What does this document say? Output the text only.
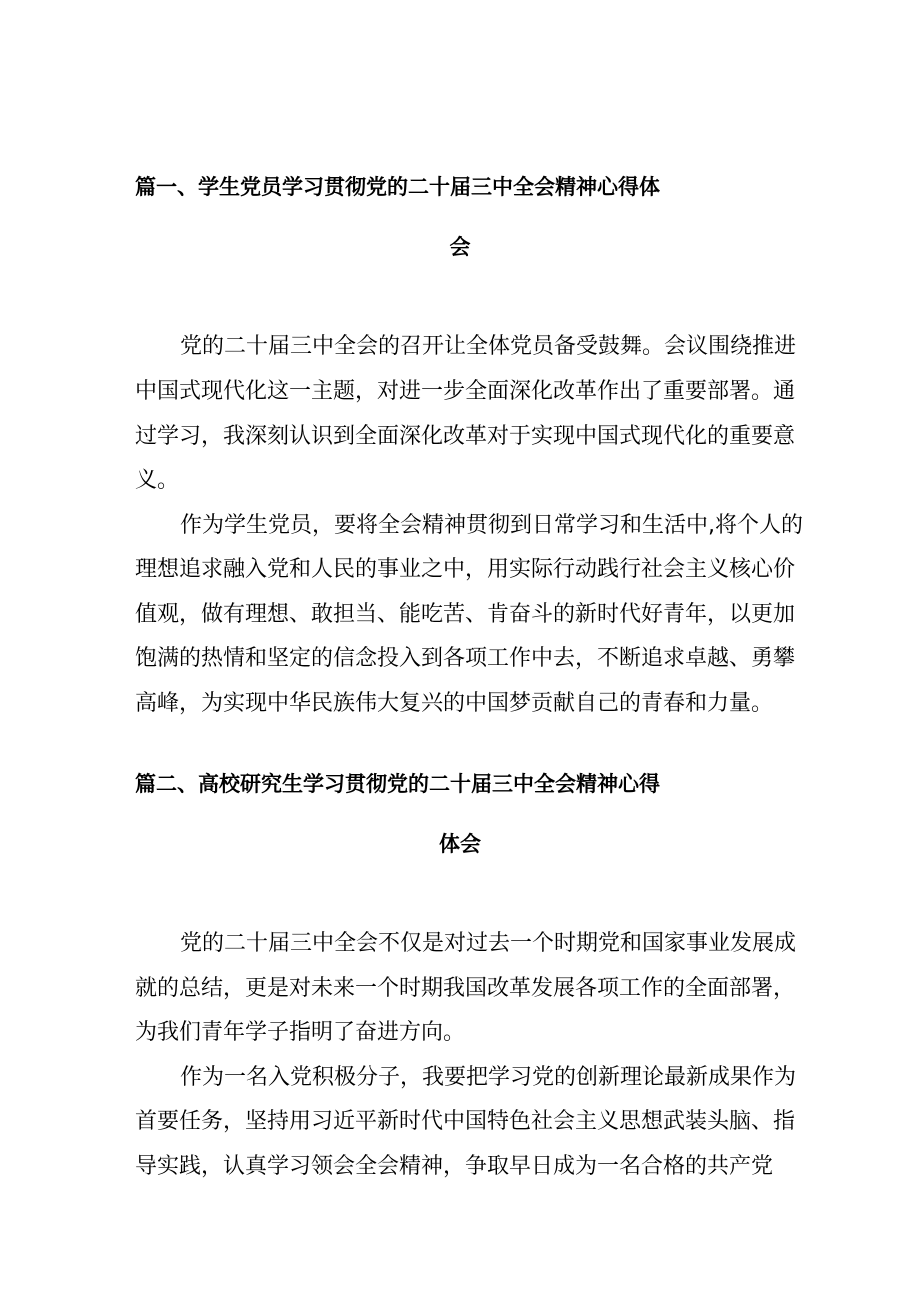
篇一、学生党员学习贯彻党的二十届三中全会精神心得体
会
党的二十届三中全会的召开让全体党员备受鼓舞。会议围绕推进
中国式现代化这一主题，对进一步全面深化改革作出了重要部署。通
过学习，我深刻认识到全面深化改革对于实现中国式现代化的重要意
义。
作为学生党员，要将全会精神贯彻到日常学习和生活中,将个人的
理想追求融入党和人民的事业之中，用实际行动践行社会主义核心价
值观，做有理想、敢担当、能吃苦、肯奋斗的新时代好青年，以更加
饱满的热情和坚定的信念投入到各项工作中去，不断追求卓越、勇攀
高峰，为实现中华民族伟大复兴的中国梦贡献自己的青春和力量。
篇二、高校研究生学习贯彻党的二十届三中全会精神心得
体会
党的二十届三中全会不仅是对过去一个时期党和国家事业发展成
就的总结，更是对未来一个时期我国改革发展各项工作的全面部署，
为我们青年学子指明了奋进方向。
作为一名入党积极分子，我要把学习党的创新理论最新成果作为
首要任务，坚持用习近平新时代中国特色社会主义思想武装头脑、指
导实践，认真学习领会全会精神，争取早日成为一名合格的共产党
